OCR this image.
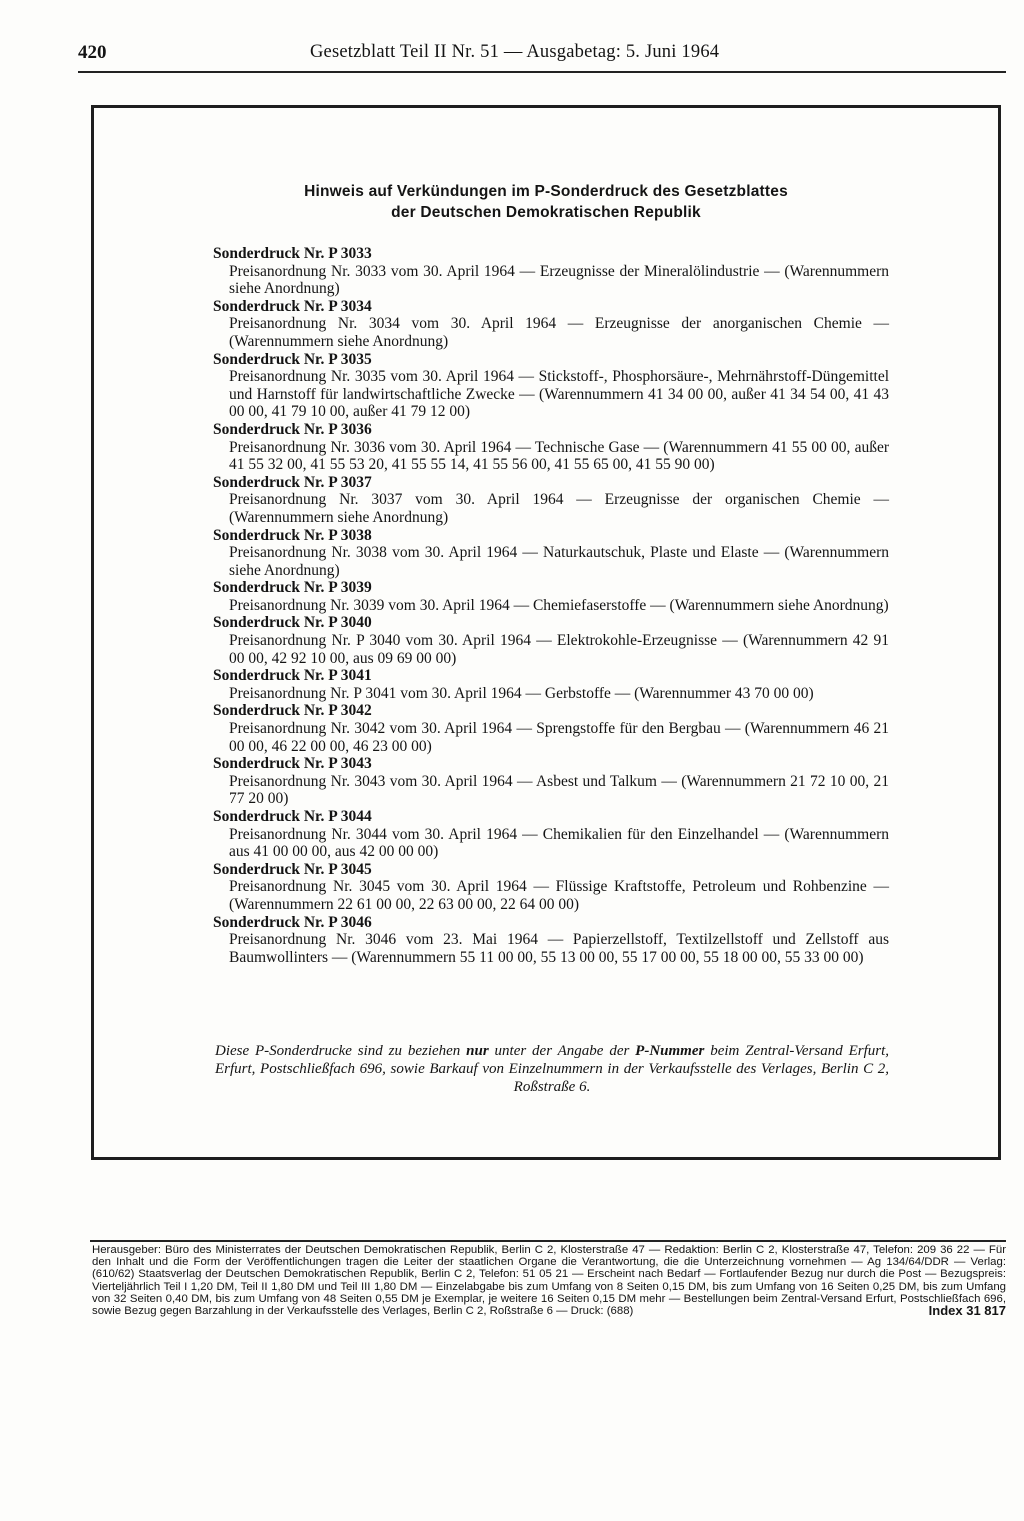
420	Gesetzblatt Teil II Nr. 51 — Ausgabetag: 5. Juni 1964
Hinweis auf Verkündungen im P-Sonderdruck des Gesetzblattes
der Deutschen Demokratischen Republik
Sonderdruck Nr. P 3033
Preisanordnung Nr. 3033 vom 30. April 1964 — Erzeugnisse der Mineralölindustrie — (Warennummern siehe Anordnung)
Sonderdruck Nr. P 3034
Preisanordnung Nr. 3034 vom 30. April 1964 — Erzeugnisse der anorganischen Chemie — (Warennummern siehe Anordnung)
Sonderdruck Nr. P 3035
Preisanordnung Nr. 3035 vom 30. April 1964 — Stickstoff-, Phosphorsäure-, Mehrnährstoff-Düngemittel und Harnstoff für landwirtschaftliche Zwecke — (Warennummern 41 34 00 00, außer 41 34 54 00, 41 43 00 00, 41 79 10 00, außer 41 79 12 00)
Sonderdruck Nr. P 3036
Preisanordnung Nr. 3036 vom 30. April 1964 — Technische Gase — (Warennummern 41 55 00 00, außer 41 55 32 00, 41 55 53 20, 41 55 55 14, 41 55 56 00, 41 55 65 00, 41 55 90 00)
Sonderdruck Nr. P 3037
Preisanordnung Nr. 3037 vom 30. April 1964 — Erzeugnisse der organischen Chemie — (Warennummern siehe Anordnung)
Sonderdruck Nr. P 3038
Preisanordnung Nr. 3038 vom 30. April 1964 — Naturkautschuk, Plaste und Elaste — (Warennummern siehe Anordnung)
Sonderdruck Nr. P 3039
Preisanordnung Nr. 3039 vom 30. April 1964 — Chemiefaserstoffe — (Warennummern siehe Anordnung)
Sonderdruck Nr. P 3040
Preisanordnung Nr. P 3040 vom 30. April 1964 — Elektrokohle-Erzeugnisse — (Warennummern 42 91 00 00, 42 92 10 00, aus 09 69 00 00)
Sonderdruck Nr. P 3041
Preisanordnung Nr. P 3041 vom 30. April 1964 — Gerbstoffe — (Warennummer 43 70 00 00)
Sonderdruck Nr. P 3042
Preisanordnung Nr. 3042 vom 30. April 1964 — Sprengstoffe für den Bergbau — (Warennummern 46 21 00 00, 46 22 00 00, 46 23 00 00)
Sonderdruck Nr. P 3043
Preisanordnung Nr. 3043 vom 30. April 1964 — Asbest und Talkum — (Warennummern 21 72 10 00, 21 77 20 00)
Sonderdruck Nr. P 3044
Preisanordnung Nr. 3044 vom 30. April 1964 — Chemikalien für den Einzelhandel — (Warennummern aus 41 00 00 00, aus 42 00 00 00)
Sonderdruck Nr. P 3045
Preisanordnung Nr. 3045 vom 30. April 1964 — Flüssige Kraftstoffe, Petroleum und Rohbenzine — (Warennummern 22 61 00 00, 22 63 00 00, 22 64 00 00)
Sonderdruck Nr. P 3046
Preisanordnung Nr. 3046 vom 23. Mai 1964 — Papierzellstoff, Textilzellstoff und Zellstoff aus Baumwollinters — (Warennummern 55 11 00 00, 55 13 00 00, 55 17 00 00, 55 18 00 00, 55 33 00 00)
Diese P-Sonderdrucke sind zu beziehen nur unter der Angabe der P-Nummer beim Zentral-Versand Erfurt, Erfurt, Postschließfach 696, sowie Barkauf von Einzelnummern in der Verkaufsstelle des Verlages, Berlin C 2, Roßstraße 6.
Herausgeber: Büro des Ministerrates der Deutschen Demokratischen Republik, Berlin C 2, Klosterstraße 47 — Redaktion: Berlin C 2, Klosterstraße 47, Telefon: 209 36 22 — Für den Inhalt und die Form der Veröffentlichungen tragen die Leiter der staatlichen Organe die Verantwortung, die die Unterzeichnung vornehmen — Ag 134/64/DDR — Verlag: (610/62) Staatsverlag der Deutschen Demokratischen Republik, Berlin C 2, Telefon: 51 05 21 — Erscheint nach Bedarf — Fortlaufender Bezug nur durch die Post — Bezugspreis: Vierteljährlich Teil I 1,20 DM, Teil II 1,80 DM und Teil III 1,80 DM — Einzelabgabe bis zum Umfang von 8 Seiten 0,15 DM, bis zum Umfang von 16 Seiten 0,25 DM, bis zum Umfang von 32 Seiten 0,40 DM, bis zum Umfang von 48 Seiten 0,55 DM je Exemplar, je weitere 16 Seiten 0,15 DM mehr — Bestellungen beim Zentral-Versand Erfurt, Postschließfach 696, sowie Bezug gegen Barzahlung in der Verkaufsstelle des Verlages, Berlin C 2, Roßstraße 6 — Druck: (688)	Index 31 817
